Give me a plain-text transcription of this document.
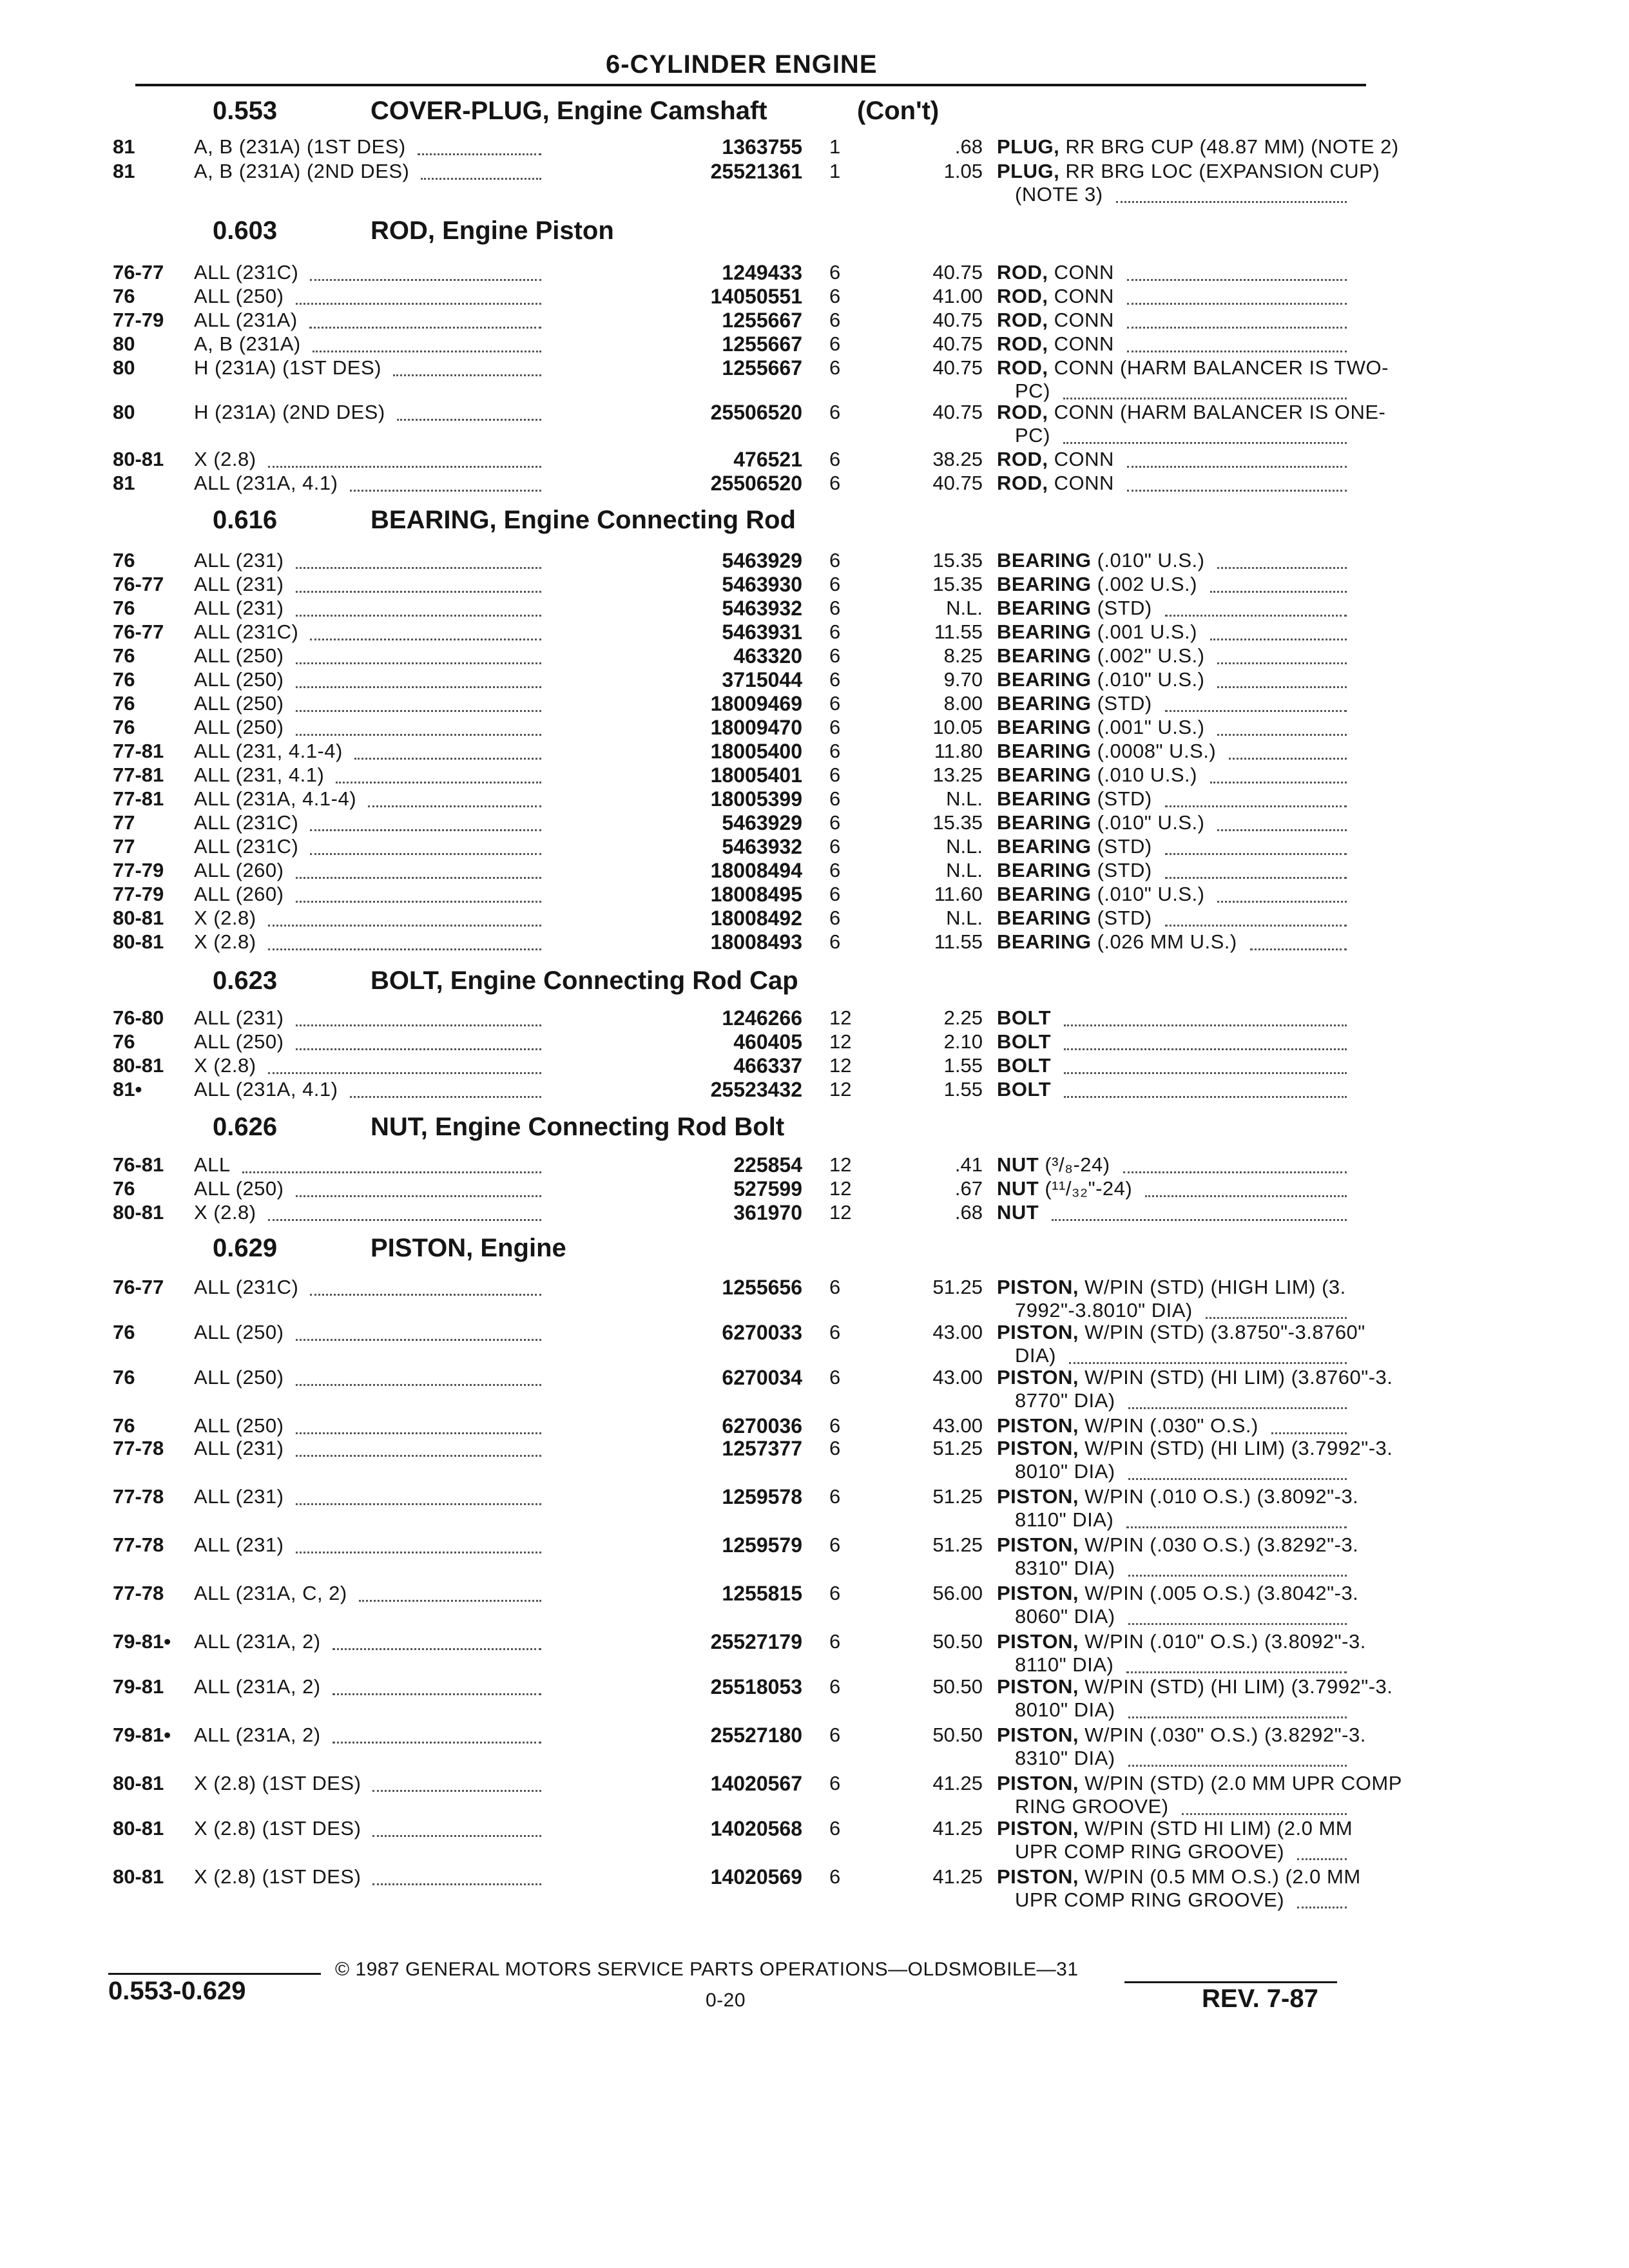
6-CYLINDER ENGINE
0.553	COVER-PLUG, Engine Camshaft	(Con't)
81	A, B (231A) (1ST DES)	1363755 1	.68 PLUG, RR BRG CUP (48.87 MM) (NOTE 2)
81	A, B (231A) (2ND DES)	25521361 1	1.05 PLUG, RR BRG LOC (EXPANSION CUP)
(NOTE 3)
0.603	ROD, Engine Piston
76-77 ALL (231C)	1249433 6	40.75 ROD, CONN
76	ALL (250)	14050551 6	41.00 ROD, CONN
77-79 ALL (231A)	1255667 6	40.75 ROD, CONN
80	A, B (231A)	1255667 6	40.75 ROD, CONN
80	H (231A) (1ST DES)	1255667 6	40.75 ROD, CONN (HARM BALANCER IS TWO-
PC)
80	H (231A) (2ND DES)	25506520 6	40.75 ROD, CONN (HARM BALANCER IS ONE-
PC)
80-81 X (2.8)	476521 6	38.25 ROD, CONN
81	ALL (231A, 4.1)	25506520 6	40.75 ROD, CONN
0.616	BEARING, Engine Connecting Rod
76	ALL (231)	5463929 6	15.35 BEARING (.010" U.S.)
76-77 ALL (231)	5463930 6	15.35 BEARING (.002 U.S.)
76	ALL (231)	5463932 6	N.L. BEARING (STD)
76-77 ALL (231C)	5463931 6	11.55 BEARING (.001 U.S.)
76	ALL (250)	463320 6	8.25 BEARING (.002" U.S.)
76	ALL (250)	3715044 6	9.70 BEARING (.010" U.S.)
76	ALL (250)	18009469 6	8.00 BEARING (STD)
76	ALL (250)	18009470 6	10.05 BEARING (.001" U.S.)
77-81 ALL (231, 4.1-4)	18005400 6	11.80 BEARING (.0008" U.S.)
77-81 ALL (231, 4.1)	18005401 6	13.25 BEARING (.010 U.S.)
77-81 ALL (231A, 4.1-4)	18005399 6	N.L. BEARING (STD)
77	ALL (231C)	5463929 6	15.35 BEARING (.010" U.S.)
77	ALL (231C)	5463932 6	N.L. BEARING (STD)
77-79 ALL (260)	18008494 6	N.L. BEARING (STD)
77-79 ALL (260)	18008495 6	11.60 BEARING (.010" U.S.)
80-81 X (2.8)	18008492 6	N.L. BEARING (STD)
80-81 X (2.8)	18008493 6	11.55 BEARING (.026 MM U.S.)
0.623	BOLT, Engine Connecting Rod Cap
76-80 ALL (231)	1246266 12	2.25 BOLT
76	ALL (250)	460405 12	2.10 BOLT
80-81 X (2.8)	466337 12	1.55 BOLT
81•	ALL (231A, 4.1)	25523432 12	1.55 BOLT
0.626	NUT, Engine Connecting Rod Bolt
76-81 ALL	225854 12	.41 NUT (³/₈-24)
76	ALL (250)	527599 12	.67 NUT (¹¹/₃₂"-24)
80-81 X (2.8)	361970 12	.68 NUT
0.629	PISTON, Engine
76-77 ALL (231C)	1255656 6	51.25 PISTON, W/PIN (STD) (HIGH LIM) (3.
7992"-3.8010" DIA)
76	ALL (250)	6270033 6	43.00 PISTON, W/PIN (STD) (3.8750"-3.8760"
DIA)
76	ALL (250)	6270034 6	43.00 PISTON, W/PIN (STD) (HI LIM) (3.8760"-3.
8770" DIA)
76	ALL (250)	6270036 6	43.00 PISTON, W/PIN (.030" O.S.)
77-78 ALL (231)	1257377 6	51.25 PISTON, W/PIN (STD) (HI LIM) (3.7992"-3.
8010" DIA)
77-78 ALL (231)	1259578 6	51.25 PISTON, W/PIN (.010 O.S.) (3.8092"-3.
8110" DIA)
77-78 ALL (231)	1259579 6	51.25 PISTON, W/PIN (.030 O.S.) (3.8292"-3.
8310" DIA)
77-78 ALL (231A, C, 2)	1255815 6	56.00 PISTON, W/PIN (.005 O.S.) (3.8042"-3.
8060" DIA)
79-81• ALL (231A, 2)	25527179 6	50.50 PISTON, W/PIN (.010" O.S.) (3.8092"-3.
8110" DIA)
79-81 ALL (231A, 2)	25518053 6	50.50 PISTON, W/PIN (STD) (HI LIM) (3.7992"-3.
8010" DIA)
79-81• ALL (231A, 2)	25527180 6	50.50 PISTON, W/PIN (.030" O.S.) (3.8292"-3.
8310" DIA)
80-81 X (2.8) (1ST DES)	14020567 6	41.25 PISTON, W/PIN (STD) (2.0 MM UPR COMP
RING GROOVE)
80-81 X (2.8) (1ST DES)	14020568 6	41.25 PISTON, W/PIN (STD HI LIM) (2.0 MM
UPR COMP RING GROOVE)
80-81 X (2.8) (1ST DES)	14020569 6	41.25 PISTON, W/PIN (0.5 MM O.S.) (2.0 MM
UPR COMP RING GROOVE)
© 1987 GENERAL MOTORS SERVICE PARTS OPERATIONS—OLDSMOBILE—31
0.553-0.629	0-20	REV. 7-87
